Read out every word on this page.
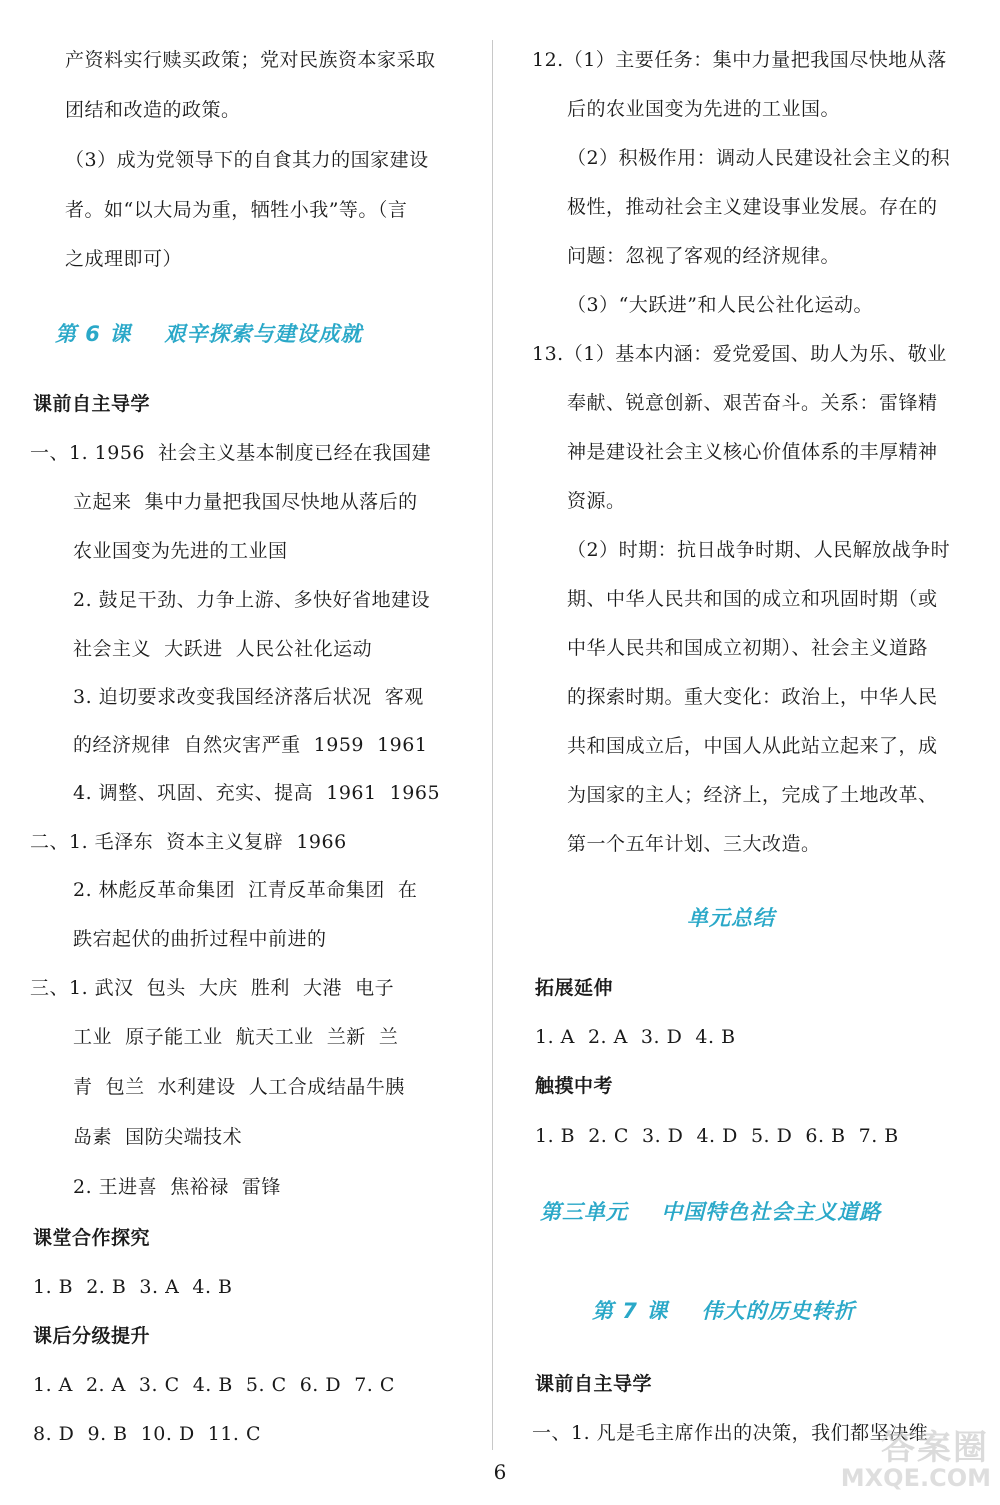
产资料实行赎买政策；党对民族资本家采取
团结和改造的政策。
（3）成为党领导下的自食其力的国家建设
者。如“以大局为重，牺牲小我”等。（言
之成理即可）
第 6 课    艰辛探索与建设成就
课前自主导学
一、1. 1956  社会主义基本制度已经在我国建
立起来  集中力量把我国尽快地从落后的
农业国变为先进的工业国
2. 鼓足干劲、力争上游、多快好省地建设
社会主义  大跃进  人民公社化运动
3. 迫切要求改变我国经济落后状况  客观
的经济规律  自然灾害严重  1959  1961
4. 调整、巩固、充实、提高  1961  1965
二、1. 毛泽东  资本主义复辟  1966
2. 林彪反革命集团  江青反革命集团  在
跌宕起伏的曲折过程中前进的
三、1. 武汉  包头  大庆  胜利  大港  电子
工业  原子能工业  航天工业  兰新  兰
青  包兰  水利建设  人工合成结晶牛胰
岛素  国防尖端技术
2. 王进喜  焦裕禄  雷锋
课堂合作探究
1. B  2. B  3. A  4. B
课后分级提升
1. A  2. A  3. C  4. B  5. C  6. D  7. C
8. D  9. B  10. D  11. C
12.（1）主要任务：集中力量把我国尽快地从落
后的农业国变为先进的工业国。
（2）积极作用：调动人民建设社会主义的积
极性，推动社会主义建设事业发展。存在的
问题：忽视了客观的经济规律。
（3）“大跃进”和人民公社化运动。
13.（1）基本内涵：爱党爱国、助人为乐、敬业
奉献、锐意创新、艰苦奋斗。关系：雷锋精
神是建设社会主义核心价值体系的丰厚精神
资源。
（2）时期：抗日战争时期、人民解放战争时
期、中华人民共和国的成立和巩固时期（或
中华人民共和国成立初期）、社会主义道路
的探索时期。重大变化：政治上，中华人民
共和国成立后，中国人从此站立起来了，成
为国家的主人；经济上，完成了土地改革、
第一个五年计划、三大改造。
单元总结
拓展延伸
1. A  2. A  3. D  4. B
触摸中考
1. B  2. C  3. D  4. D  5. D  6. B  7. B
第三单元    中国特色社会主义道路
第 7 课    伟大的历史转折
课前自主导学
一、1. 凡是毛主席作出的决策，我们都坚决维
6
答案圈
MXQE.COM
